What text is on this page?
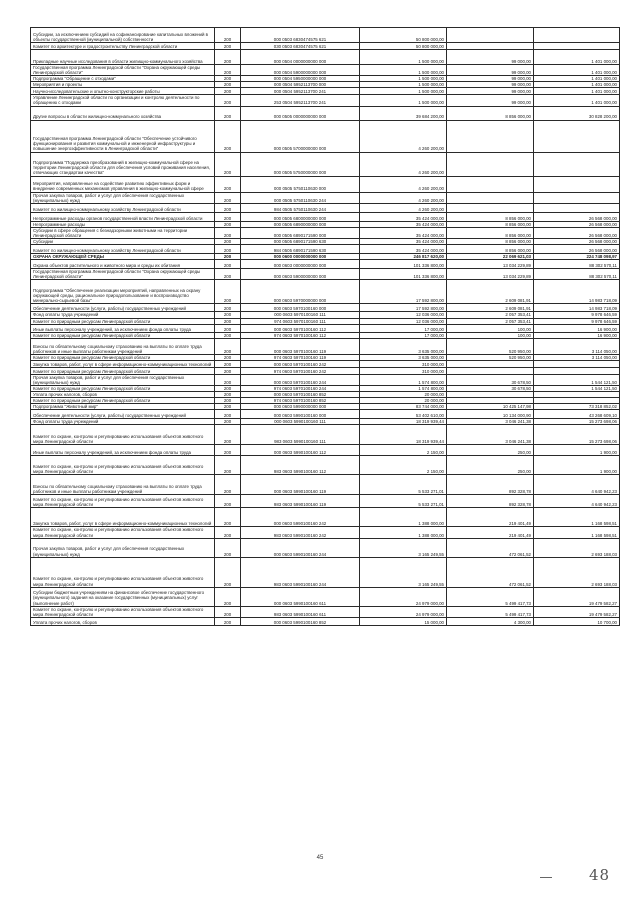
Субсидии, за исключением субсидий на софинансирование капитальных вложений в объекты государственной (муниципальной) собственности	200	000 0503 6830474575 621	50 800 000,00		
Комитет по архитектуре и градостроительству Ленинградской области	200	030 0503 6830474575 621	50 800 000,00		
Прикладные научные исследования в области жилищно-коммунального хозяйства	200	000 0504 0000000000 000	1 500 000,00	99 000,00	1 401 000,00
Государственная программа Ленинградской области "Охрана окружающей среды Ленинградской области"	200	000 0504 5900000000 000	1 500 000,00	99 000,00	1 401 000,00
Подпрограмма "Обращение с отходами"	200	000 0504 5950000000 000	1 500 000,00	99 000,00	1 401 000,00
Мероприятия и проекты	200	000 0504 5952113700 000	1 500 000,00	99 000,00	1 401 000,00
Научно-исследовательские и опытно-конструкторские работы	200	000 0504 5952113700 241	1 500 000,00	99 000,00	1 401 000,00
Управление Ленинградской области по организации и контролю деятельности по обращению с отходами	200	253 0504 5952113700 241	1 500 000,00	99 000,00	1 401 000,00
Другие вопросы в области жилищно-коммунального хозяйства	200	000 0505 0000000000 000	39 684 200,00	8 856 000,00	30 828 200,00
Государственная программа Ленинградской области "Обеспечение устойчивого функционирования и развития коммунальной и инженерной инфраструктуры и повышение энергоэффективности в Ленинградской области"	200	000 0505 5700000000 000	4 260 200,00		
Подпрограмма "Поддержка преобразований в жилищно-коммунальной сфере на территории Ленинградской области для обеспечения условий проживания населения, отвечающих стандартам качества"	200	000 0505 5750000000 000	4 260 200,00		
Мероприятия, направленные на содействие развитию эффективных форм и внедрение современных механизмов управления в жилищно-коммунальной сфере	200	000 0505 5750110630 000	4 260 200,00		
Прочая закупка товаров, работ и услуг для обеспечения государственных (муниципальных) нужд	200	000 0505 5750110630 244	4 260 200,00		
Комитет по жилищно-коммунальному хозяйству Ленинградской области	200	984 0505 5750110630 244	4 260 200,00		
Непрограммные расходы органов государственной власти Ленинградской области	200	000 0505 6800000000 000	35 424 000,00	8 856 000,00	26 568 000,00
Непрограммные расходы	200	000 0505 6890000000 000	35 424 000,00	8 856 000,00	26 568 000,00
Субсидии в сфере обращения с безнадзорными животными на территории Ленинградской области	200	000 0505 6890171590 000	35 424 000,00	8 856 000,00	26 568 000,00
Субсидии	200	000 0505 6890171590 630	35 424 000,00	8 856 000,00	26 568 000,00
Комитет по жилищно-коммунальному хозяйству Ленинградской области	200	984 0505 6890171590 630	35 424 000,00	8 856 000,00	26 568 000,00
ОХРАНА ОКРУЖАЮЩЕЙ СРЕДЫ	200	000 0600 0000000000 000	246 817 620,00	22 069 621,03	224 748 098,97
Охрана объектов растительного и животного мира и среды их обитания	200	000 0603 0000000000 000	101 336 800,00	13 034 229,89	88 302 570,11
Государственная программа Ленинградской области "Охрана окружающей среды Ленинградской области"	200	000 0603 5900000000 000	101 336 800,00	13 034 229,89	88 302 570,11
Подпрограмма "Обеспечение реализации мероприятий, направленных на охрану окружающей среды, рациональное природопользование и воспроизводство минерально-сырьевой базы"	200	000 0603 5970000000 000	17 592 800,00	2 609 081,91	14 983 718,09
Обеспечение деятельности (услуги, работы) государственных учреждений	200	000 0603 5970100160 000	17 592 800,00	2 609 081,91	14 983 718,09
Фонд оплаты труда учреждений	200	000 0603 5970100160 111	12 036 000,00	2 057 353,41	9 978 646,59
Комитет по природным ресурсам Ленинградской области	200	974 0603 5970100160 111	12 036 000,00	2 057 353,41	9 978 646,59
Иные выплаты персоналу учреждений, за исключением фонда оплаты труда	200	000 0603 5970100160 112	17 000,00	100,00	16 900,00
Комитет по природным ресурсам Ленинградской области	200	974 0603 5970100160 112	17 000,00	100,00	16 900,00
Взносы по обязательному социальному страхованию на выплаты по оплате труда работников и иные выплаты работникам учреждений	200	000 0603 5970100160 119	3 635 000,00	520 950,00	3 114 050,00
Комитет по природным ресурсам Ленинградской области	200	974 0603 5970100160 119	3 635 000,00	520 950,00	3 114 050,00
Закупка товаров, работ, услуг в сфере информационно-коммуникационных технологий	200	000 0603 5970100160 242	310 000,00		
Комитет по природным ресурсам Ленинградской области	200	974 0603 5970100160 242	310 000,00		
Прочая закупка товаров, работ и услуг для обеспечения государственных (муниципальных) нужд	200	000 0603 5970100160 244	1 574 800,00	30 678,50	1 544 121,50
Комитет по природным ресурсам Ленинградской области	200	974 0603 5970100160 244	1 574 800,00	30 678,50	1 544 121,50
Уплата прочих налогов, сборов	200	000 0603 5970100160 852	20 000,00		
Комитет по природным ресурсам Ленинградской области	200	974 0603 5970100160 852	20 000,00		
Подпрограмма "Животный мир"	200	000 0603 5990000000 000	83 744 000,00	10 425 147,98	73 318 852,02
Обеспечение деятельности (услуги, работы) государственных учреждений	200	000 0603 5990100160 000	53 402 610,00	10 134 000,90	43 268 609,10
Фонд оплаты труда учреждений	200	000 0603 5990100160 111	18 319 939,44	3 046 241,38	15 273 698,06
Комитет по охране, контролю и регулированию использования объектов животного мира Ленинградской области	200	983 0603 5990100160 111	18 319 939,44	3 046 241,38	15 273 698,06
Иные выплаты персоналу учреждений, за исключением фонда оплаты труда	200	000 0603 5990100160 112	2 150,00	250,00	1 900,00
Комитет по охране, контролю и регулированию использования объектов животного мира Ленинградской области	200	983 0603 5990100160 112	2 150,00	250,00	1 900,00
Взносы по обязательному социальному страхованию на выплаты по оплате труда работников и иные выплаты работникам учреждений	200	000 0603 5990100160 119	5 533 271,01	892 328,78	4 640 942,23
Комитет по охране, контролю и регулированию использования объектов животного мира Ленинградской области	200	983 0603 5990100160 119	5 533 271,01	892 328,78	4 640 942,23
Закупка товаров, работ, услуг в сфере информационно-коммуникационных технологий	200	000 0603 5990100160 242	1 388 000,00	219 401,49	1 168 598,51
Комитет по охране, контролю и регулированию использования объектов животного мира Ленинградской области	200	983 0603 5990100160 242	1 388 000,00	219 401,49	1 168 598,51
Прочая закупка товаров, работ и услуг для обеспечения государственных (муниципальных) нужд	200	000 0603 5990100160 244	3 165 249,55	472 061,52	2 693 188,03
Комитет по охране, контролю и регулированию использования объектов животного мира Ленинградской области	200	983 0603 5990100160 244	3 165 249,55	472 061,52	2 693 188,03
Субсидии бюджетным учреждениям на финансовое обеспечение государственного (муниципального) задания на оказание государственных (муниципальных) услуг (выполнение работ)	200	000 0603 5990100160 611	24 979 000,00	5 499 417,73	19 479 582,27
Комитет по охране, контролю и регулированию использования объектов животного мира Ленинградской области	200	983 0603 5990100160 611	24 979 000,00	5 499 417,73	19 479 582,27
Уплата прочих налогов, сборов	200	000 0603 5990100160 852	15 000,00	4 300,00	10 700,00
45
48
